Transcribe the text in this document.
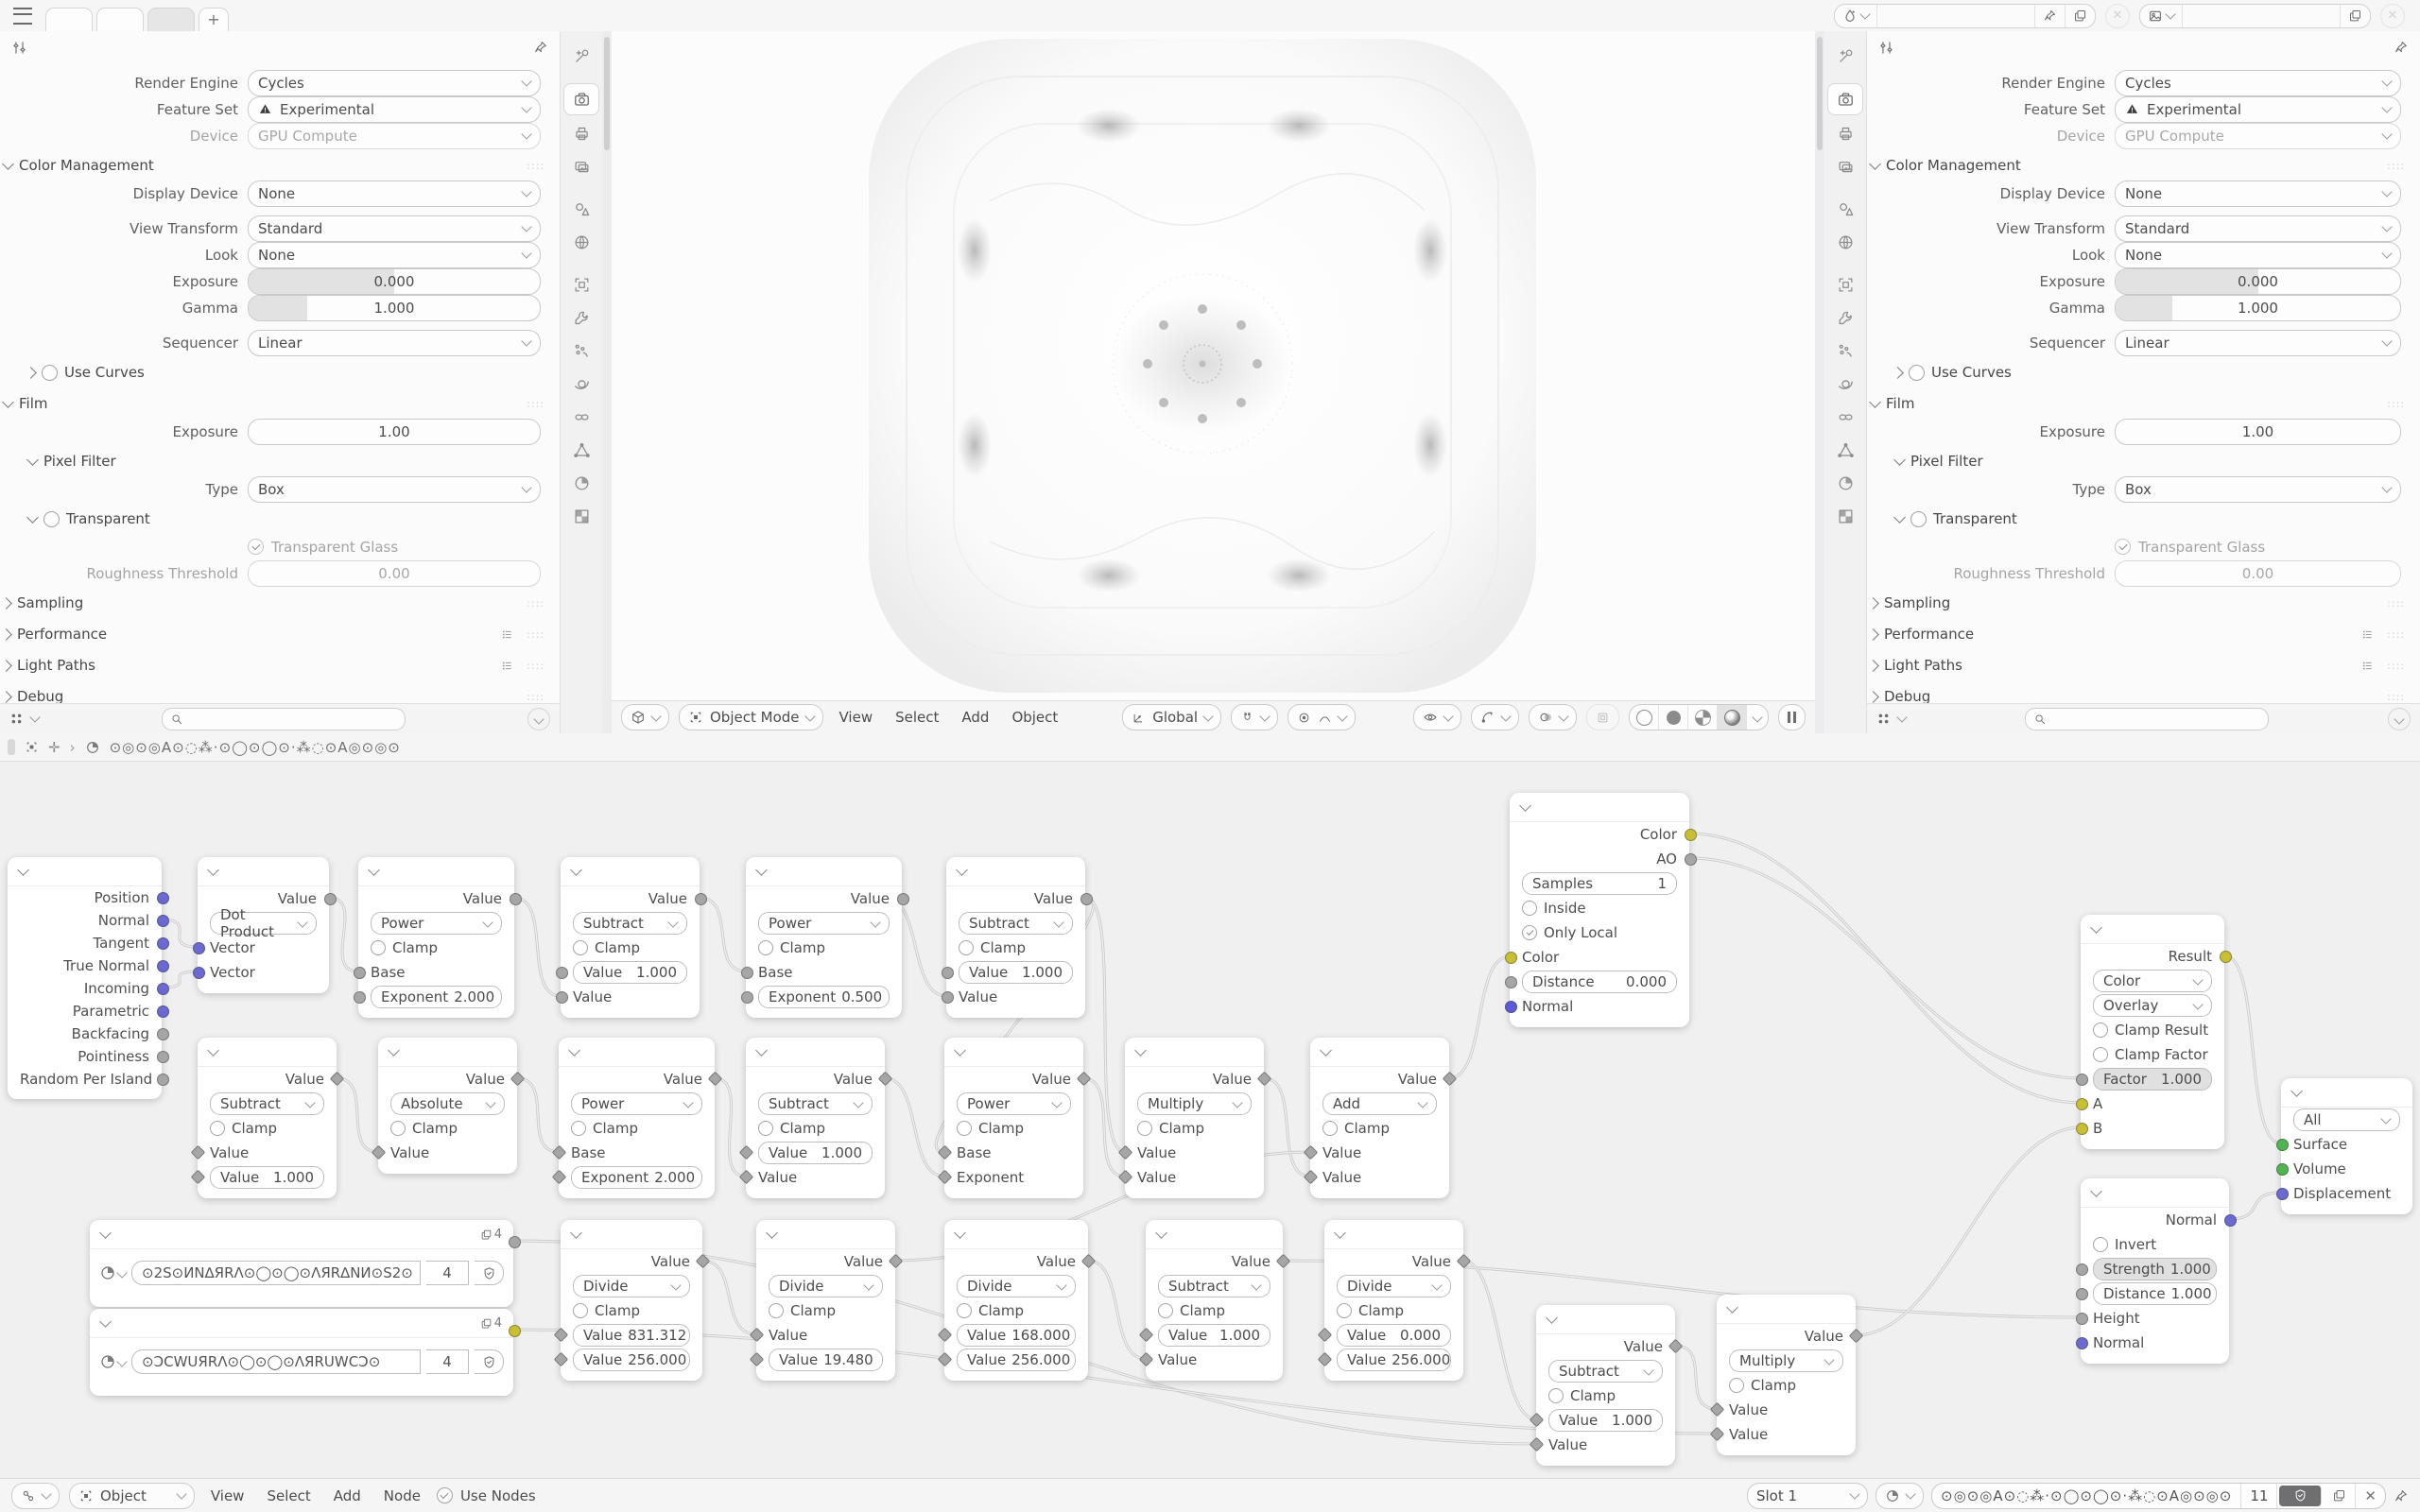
+	✕	✕
Render Engine	Cycles
Feature Set	Experimental
Device	GPU Compute
Color Management	::::
Display Device	None
View Transform	Standard
Look	None
Exposure	0.000
Gamma	1.000
Sequencer	Linear
Use Curves
Film	::::
Exposure	1.00
Pixel Filter
Type	Box
Transparent
Transparent Glass
Roughness Threshold	0.00
Sampling	::::
Performance	::::
Light Paths	::::
Debug	::::
Object Mode	View	Select	Add	Object	Global
Render Engine	Cycles
Feature Set	Experimental
Device	GPU Compute
Color Management	::::
Display Device	None
View Transform	Standard
Look	None
Exposure	0.000
Gamma	1.000
Sequencer	Linear
Use Curves
Film	::::
Exposure	1.00
Pixel Filter
Type	Box
Transparent
Transparent Glass
Roughness Threshold	0.00
Sampling	::::
Performance	::::
Light Paths	::::
Debug	::::
✛ › ⊙◎⊙◎A⊙◌⁂·⊙◯⊙◯⊙·⁂◌⊙A◎⊙◎⊙
Position
Normal
Tangent
True Normal
Incoming
Parametric
Backfacing
Pointiness
Random Per Island
Value
Dot Product
Vector
Vector
Value
Power
Clamp
Base
Exponent 2.000
Value
Subtract
Clamp
Value 1.000
Value
Value
Power
Clamp
Base
Exponent 0.500
Value
Subtract
Clamp
Value 1.000
Value
Value
Subtract
Clamp
Value
Value 1.000
Value
Absolute
Clamp
Value
Value
Power
Clamp
Base
Exponent 2.000
Value
Subtract
Clamp
Value 1.000
Value
Value
Power
Clamp
Base
Exponent
Value
Multiply
Clamp
Value
Value
Value
Add
Clamp
Value
Value
4
⊙2S⊙ͶN∆ЯRΛ⊙◯⊙◯⊙ΛЯR∆NͶ⊙S2⊙	4
4
⊙ƆϹWՍЯRΛ⊙◯⊙◯⊙ΛЯRՍWϹƆ⊙	4
Value
Divide
Clamp
Value 831.312
Value 256.000
Value
Divide
Clamp
Value
Value 19.480
Value
Divide
Clamp
Value 168.000
Value 256.000
Value
Subtract
Clamp
Value 1.000
Value
Value
Divide
Clamp
Value 0.000
Value 256.000
Value
Subtract
Clamp
Value 1.000
Value
Value
Multiply
Clamp
Value
Value
Color
AO
Samples	1
Inside
Only Local
Color
Distance 0.000
Normal
Result
Color
Overlay
Clamp Result
Clamp Factor
Factor 1.000
A
B
Normal
Invert
Strength 1.000
Distance 1.000
Height
Normal
All
Surface
Volume
Displacement
Object	View	Select	Add	Node	Use Nodes	Slot 1	⊙◎⊙◎A⊙◌⁂·⊙◯⊙◯⊙·⁂◌⊙A◎⊙◎⊙ 11	✕
